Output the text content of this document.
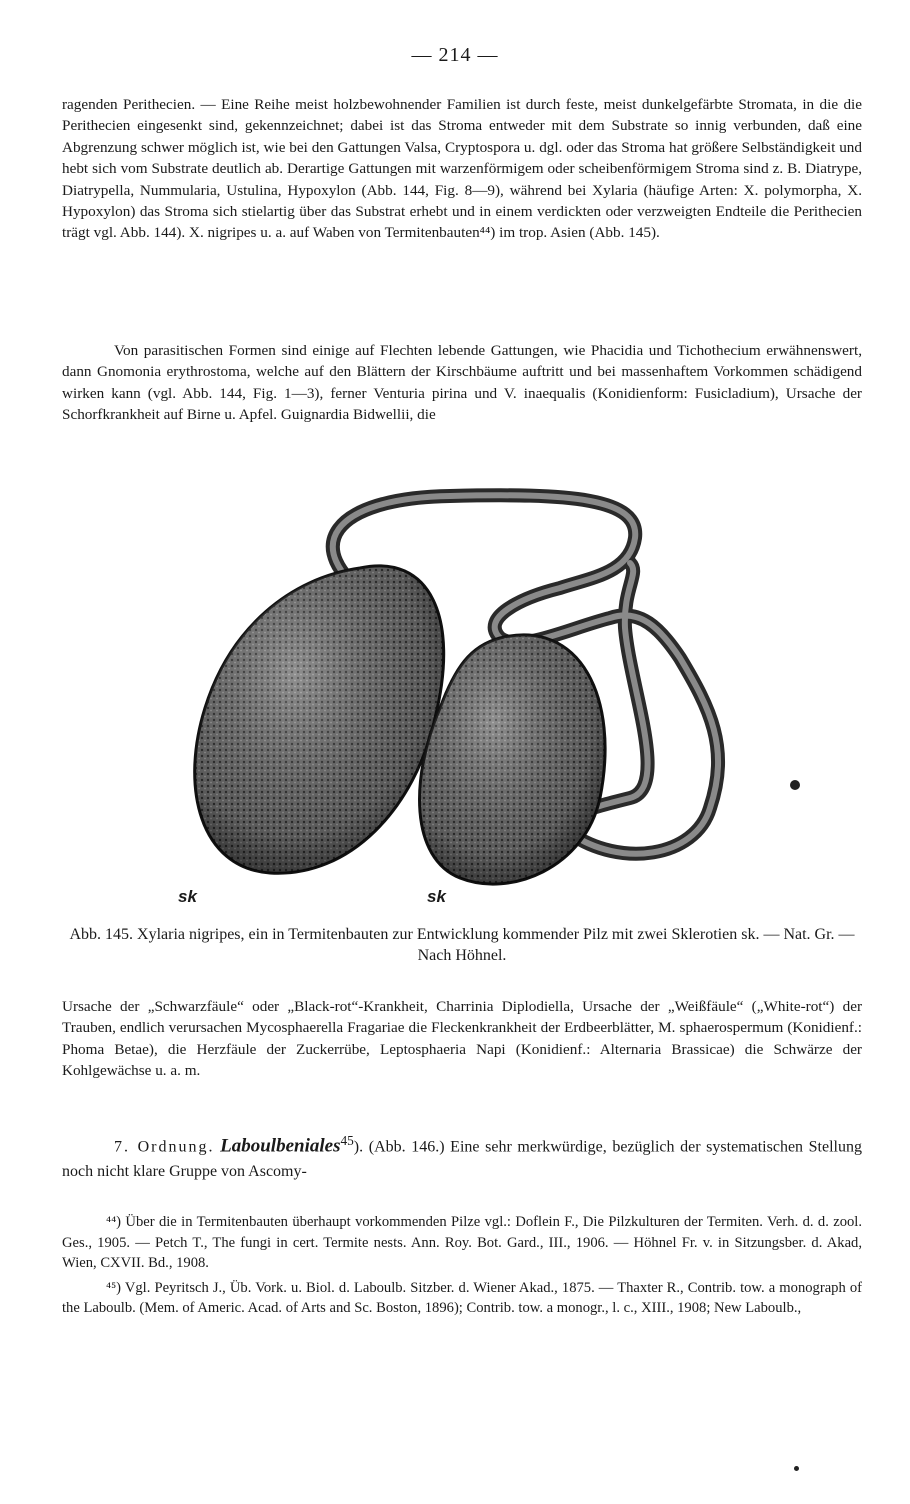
— 214 —

ragenden Perithecien. — Eine Reihe meist holzbewohnender Familien ist durch feste, meist dunkelgefärbte Stromata, in die die Perithecien eingesenkt sind, gekennzeichnet; dabei ist das Stroma entweder mit dem Substrate so innig verbunden, daß eine Abgrenzung schwer möglich ist, wie bei den Gattungen Valsa, Cryptospora u. dgl. oder das Stroma hat größere Selbständigkeit und hebt sich vom Substrate deutlich ab. Derartige Gattungen mit warzenförmigem oder scheibenförmigem Stroma sind z. B. Diatrype, Diatrypella, Nummularia, Ustulina, Hypoxylon (Abb. 144, Fig. 8—9), während bei Xylaria (häufige Arten: X. polymorpha, X. Hypoxylon) das Stroma sich stielartig über das Substrat erhebt und in einem verdickten oder verzweigten Endteile die Perithecien trägt vgl. Abb. 144). X. nigripes u. a. auf Waben von Termitenbauten⁴⁴) im trop. Asien (Abb. 145).

Von parasitischen Formen sind einige auf Flechten lebende Gattungen, wie Phacidia und Tichothecium erwähnenswert, dann Gnomonia erythrostoma, welche auf den Blättern der Kirschbäume auftritt und bei massenhaftem Vorkommen schädigend wirken kann (vgl. Abb. 144, Fig. 1—3), ferner Venturia pirina und V. inaequalis (Konidienform: Fusicladium), Ursache der Schorfkrankheit auf Birne u. Apfel. Guignardia Bidwellii, die

sk	sk

Abb. 145. Xylaria nigripes, ein in Termitenbauten zur Entwicklung kommender Pilz mit zwei Sklerotien sk. — Nat. Gr. — Nach Höhnel.

Ursache der „Schwarzfäule“ oder „Black-rot“-Krankheit, Charrinia Diplodiella, Ursache der „Weißfäule“ („White-rot“) der Trauben, endlich verursachen Mycosphaerella Fragariae die Fleckenkrankheit der Erdbeerblätter, M. sphaerospermum (Konidienf.: Phoma Betae), die Herzfäule der Zuckerrübe, Leptosphaeria Napi (Konidienf.: Alternaria Brassicae) die Schwärze der Kohlgewächse u. a. m.

7. Ordnung. Laboulbeniales$^{45}$). (Abb. 146.) Eine sehr merkwürdige, bezüglich der systematischen Stellung noch nicht klare Gruppe von Ascomy-

⁴⁴) Über die in Termitenbauten überhaupt vorkommenden Pilze vgl.: Doflein F., Die Pilzkulturen der Termiten. Verh. d. d. zool. Ges., 1905. — Petch T., The fungi in cert. Termite nests. Ann. Roy. Bot. Gard., III., 1906. — Höhnel Fr. v. in Sitzungsber. d. Akad, Wien, CXVII. Bd., 1908.

⁴⁵) Vgl. Peyritsch J., Üb. Vork. u. Biol. d. Laboulb. Sitzber. d. Wiener Akad., 1875. — Thaxter R., Contrib. tow. a monograph of the Laboulb. (Mem. of Americ. Acad. of Arts and Sc. Boston, 1896); Contrib. tow. a monogr., l. c., XIII., 1908; New Laboulb.,
